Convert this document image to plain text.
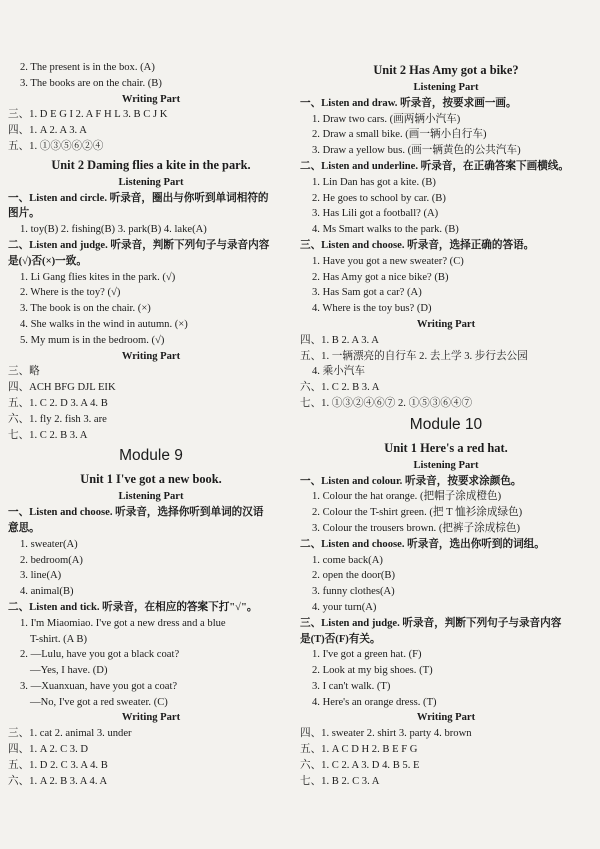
2. The present is in the box. (A)
3. The books are on the chair. (B)
Writing Part
三、1. D E G I 2. A F H L 3. B C J K
四、1. A 2. A 3. A
五、1. ①③⑤⑥②④
Unit 2 Daming flies a kite in the park.
Listening Part
一、Listen and circle. 听录音，圈出与你听到单词相符的
图片。
1. toy(B) 2. fishing(B) 3. park(B) 4. lake(A)
二、Listen and judge. 听录音，判断下列句子与录音内容
是(√)否(×)一致。
1. Li Gang flies kites in the park. (√)
2. Where is the toy? (√)
3. The book is on the chair. (×)
4. She walks in the wind in autumn. (×)
5. My mum is in the bedroom. (√)
Writing Part
三、略
四、ACH BFG DJL EIK
五、1. C 2. D 3. A 4. B
六、1. fly 2. fish 3. are
七、1. C 2. B 3. A
Module 9
Unit 1 I've got a new book.
Listening Part
一、Listen and choose. 听录音，选择你听到单词的汉语
意思。
1. sweater(A)
2. bedroom(A)
3. line(A)
4. animal(B)
二、Listen and tick. 听录音，在相应的答案下打"√"。
1. I'm Miaomiao. I've got a new dress and a blue
T-shirt. (A B)
2. —Lulu, have you got a black coat?
—Yes, I have. (D)
3. —Xuanxuan, have you got a coat?
—No, I've got a red sweater. (C)
Writing Part
三、1. cat 2. animal 3. under
四、1. A 2. C 3. D
五、1. D 2. C 3. A 4. B
六、1. A 2. B 3. A 4. A
Unit 2 Has Amy got a bike?
Listening Part
一、Listen and draw. 听录音，按要求画一画。
1. Draw two cars. (画两辆小汽车)
2. Draw a small bike. (画一辆小自行车)
3. Draw a yellow bus. (画一辆黄色的公共汽车)
二、Listen and underline. 听录音，在正确答案下画横线。
1. Lin Dan has got a kite. (B)
2. He goes to school by car. (B)
3. Has Lili got a football? (A)
4. Ms Smart walks to the park. (B)
三、Listen and choose. 听录音，选择正确的答语。
1. Have you got a new sweater? (C)
2. Has Amy got a nice bike? (B)
3. Has Sam got a car? (A)
4. Where is the toy bus? (D)
Writing Part
四、1. B 2. A 3. A
五、1. 一辆漂亮的自行车 2. 去上学 3. 步行去公园
4. 乘小汽车
六、1. C 2. B 3. A
七、1. ①③②④⑥⑦ 2. ①⑤③⑥④⑦
Module 10
Unit 1 Here's a red hat.
Listening Part
一、Listen and colour. 听录音，按要求涂颜色。
1. Colour the hat orange. (把帽子涂成橙色)
2. Colour the T-shirt green. (把 T 恤衫涂成绿色)
3. Colour the trousers brown. (把裤子涂成棕色)
二、Listen and choose. 听录音，选出你听到的词组。
1. come back(A)
2. open the door(B)
3. funny clothes(A)
4. your turn(A)
三、Listen and judge. 听录音，判断下列句子与录音内容
是(T)否(F)有关。
1. I've got a green hat. (F)
2. Look at my big shoes. (T)
3. I can't walk. (T)
4. Here's an orange dress. (T)
Writing Part
四、1. sweater 2. shirt 3. party 4. brown
五、1. A C D H 2. B E F G
六、1. C 2. A 3. D 4. B 5. E
七、1. B 2. C 3. A
